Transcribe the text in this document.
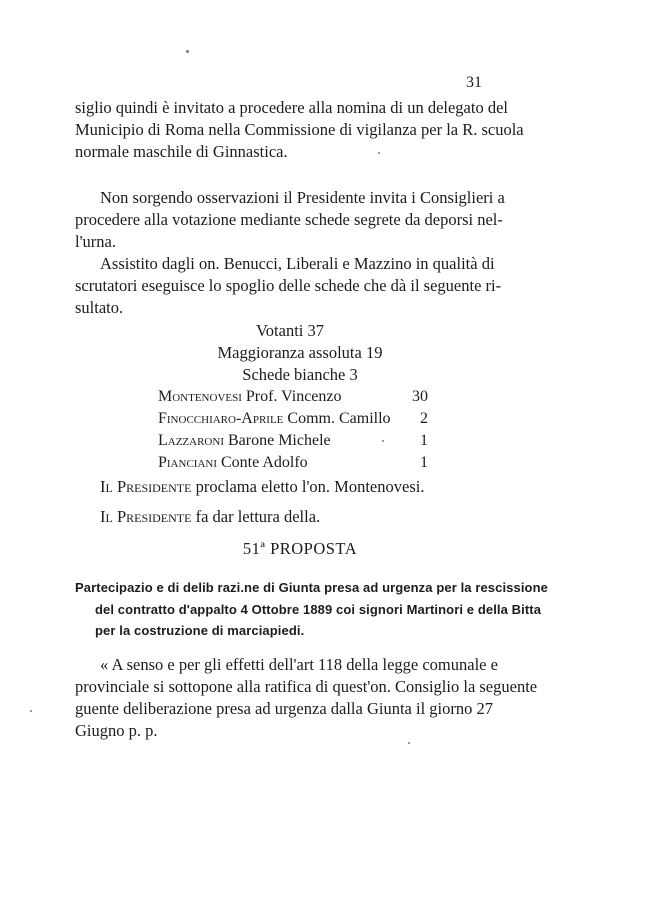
31
siglio quindi è invitato a procedere alla nomina di un delegato del
Municipio di Roma nella Commissione di vigilanza per la R. scuola
normale maschile di Ginnastica.
Non sorgendo osservazioni il Presidente invita i Consiglieri a
procedere alla votazione mediante schede segrete da deporsi nel-
l'urna.
Assistito dagli on. Benucci, Liberali e Mazzino in qualità di
scrutatori eseguisce lo spoglio delle schede che dà il seguente ri-
sultato.
Votanti 37
Maggioranza assoluta 19
Schede bianche 3
Montenovesi Prof. Vincenzo	30
Finocchiaro-Aprile Comm. Camillo	2
Lazzaroni Barone Michele	1
Pianciani Conte Adolfo	1
Il Presidente proclama eletto l'on. Montenovesi.
Il Presidente fa dar lettura della.
51ª PROPOSTA
Partecipazio e di delib razi.ne di Giunta presa ad urgenza per la rescissione
del contratto d'appalto 4 Ottobre 1889 coi signori Martinori e della Bitta
per la costruzione di marciapiedi.
« A senso e per gli effetti dell'art 118 della legge comunale e
provinciale si sottopone alla ratifica di quest'on. Consiglio la seguente
guente deliberazione presa ad urgenza dalla Giunta il giorno 27
Giugno p. p.
